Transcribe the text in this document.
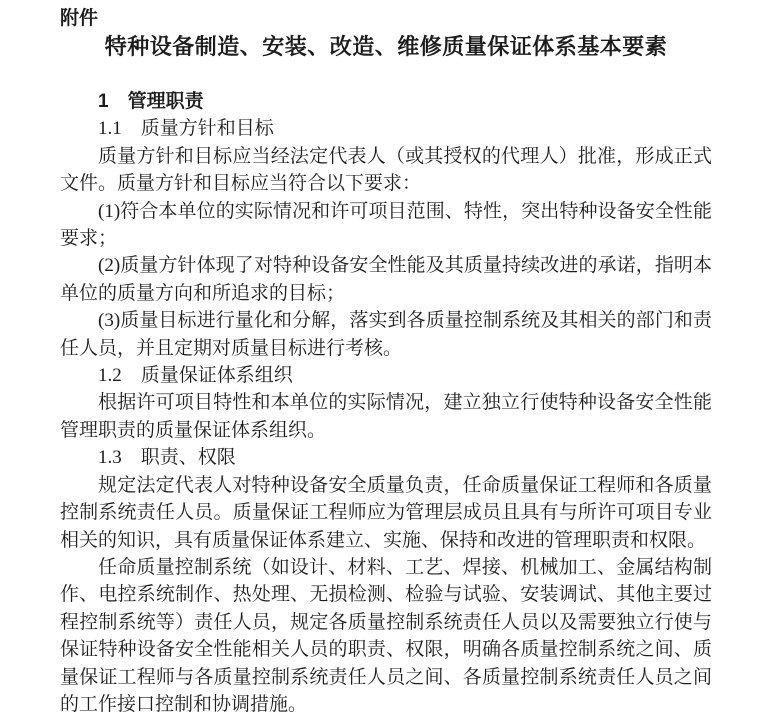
附件
特种设备制造、安装、改造、维修质量保证体系基本要素
1　管理职责
1.1　质量方针和目标

质量方针和目标应当经法定代表人（或其授权的代理人）批准，形成正式文件。质量方针和目标应当符合以下要求：

(1)符合本单位的实际情况和许可项目范围、特性，突出特种设备安全性能要求；

(2)质量方针体现了对特种设备安全性能及其质量持续改进的承诺，指明本单位的质量方向和所追求的目标；

(3)质量目标进行量化和分解，落实到各质量控制系统及其相关的部门和责任人员，并且定期对质量目标进行考核。

1.2　质量保证体系组织

根据许可项目特性和本单位的实际情况，建立独立行使特种设备安全性能管理职责的质量保证体系组织。

1.3　职责、权限

规定法定代表人对特种设备安全质量负责，任命质量保证工程师和各质量控制系统责任人员。质量保证工程师应为管理层成员且具有与所许可项目专业相关的知识，具有质量保证体系建立、实施、保持和改进的管理职责和权限。

任命质量控制系统（如设计、材料、工艺、焊接、机械加工、金属结构制作、电控系统制作、热处理、无损检测、检验与试验、安装调试、其他主要过程控制系统等）责任人员，规定各质量控制系统责任人员以及需要独立行使与保证特种设备安全性能相关人员的职责、权限，明确各质量控制系统之间、质量保证工程师与各质量控制系统责任人员之间、各质量控制系统责任人员之间的工作接口控制和协调措施。
